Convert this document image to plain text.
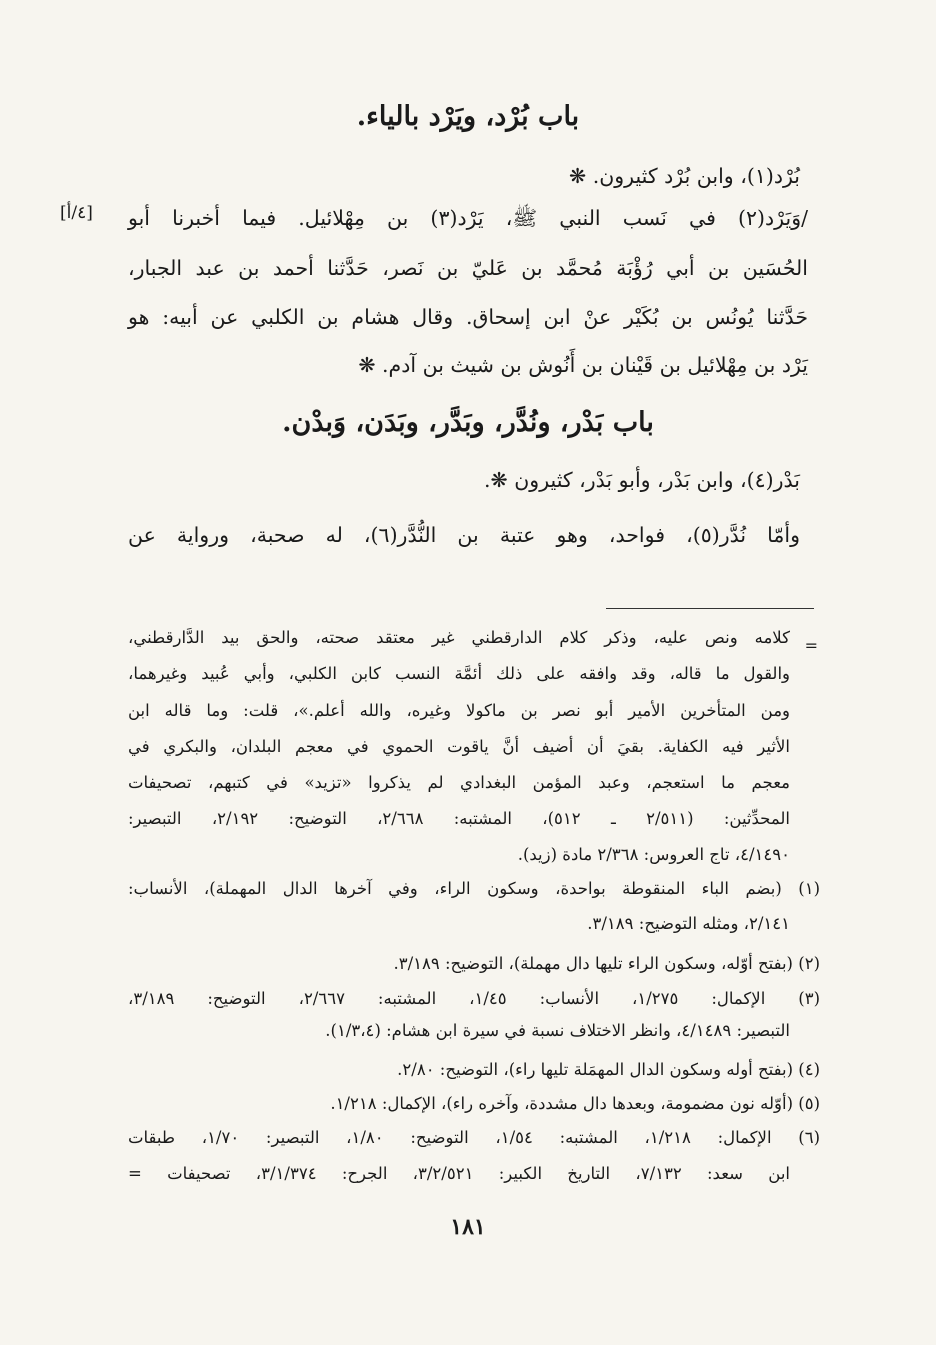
باب بُرْد، ويَرْد بالياء.
بُرْد(١)، وابن بُرْد كثيرون. ❋
/وَيَرْد(٢) في نَسب النبي ﷺ، يَرْد(٣) بن مِهْلائيل. فيما أخبرنا أبو
[٤/أ]
الحُسَين بن أبي رُؤْبَة مُحمَّد بن عَليّ بن نَصر، حَدَّثنا أحمد بن عبد الجبار،
حَدَّثنا يُونُس بن بُكَيْر عنْ ابن إسحاق. وقال هشام بن الكلبي عن أبيه: هو
يَرْد بن مِهْلائيل بن قَيْنان بن أَنُوش بن شيث بن آدم. ❋
باب بَدْر، ونُدَّر، وبَدَّر، وبَدَن، وَبدْن.
بَدْر(٤)، وابن بَدْر، وأبو بَدْر، كثيرون ❋.
وأمّا نُدَّر(٥)، فواحد، وهو عتبة بن النُّدَّر(٦)، له صحبة، ورواية عن
=
كلامه ونص عليه، وذكر كلام الدارقطني غير معتقد صحته، والحق بيد الدَّارقطني،
والقول ما قاله، وقد وافقه على ذلك أئمَّة النسب كابن الكلبي، وأبي عُبيد وغيرهما،
ومن المتأخرين الأمير أبو نصر بن ماكولا وغيره، والله أعلم.»، قلت: وما قاله ابن
الأثير فيه الكفاية. بقيَ أن أضيف أنَّ ياقوت الحموي في معجم البلدان، والبكري في
معجم ما استعجم، وعبد المؤمن البغدادي لم يذكروا «تزيد» في كتبهم، تصحيفات
المحدِّثين: (٢/٥١١ ـ ٥١٢)، المشتبه: ٢/٦٦٨، التوضيح: ٢/١٩٢، التبصير:
٤/١٤٩٠، تاج العروس: ٢/٣٦٨ مادة (زيد).
(١) (بضم الباء المنقوطة بواحدة، وسكون الراء، وفي آخرها الدال المهملة)، الأنساب:
٢/١٤١، ومثله التوضيح: ٣/١٨٩.
(٢) (بفتح أوّله، وسكون الراء تليها دال مهملة)، التوضيح: ٣/١٨٩.
(٣) الإكمال: ١/٢٧٥، الأنساب: ١/٤٥، المشتبه: ٢/٦٦٧، التوضيح: ٣/١٨٩،
التبصير: ٤/١٤٨٩، وانظر الاختلاف نسبة في سيرة ابن هشام: (١/٣،٤).
(٤) (بفتح أوله وسكون الدال المهمَلة تليها راء)، التوضيح: ٢/٨٠.
(٥) (أوّله نون مضمومة، وبعدها دال مشددة، وآخره راء)، الإكمال: ١/٢١٨.
(٦) الإكمال: ١/٢١٨، المشتبه: ١/٥٤، التوضيح: ١/٨٠، التبصير: ١/٧٠، طبقات
ابن سعد: ٧/١٣٢، التاريخ الكبير: ٣/٢/٥٢١، الجرح: ٣/١/٣٧٤، تصحيفات =
١٨١
